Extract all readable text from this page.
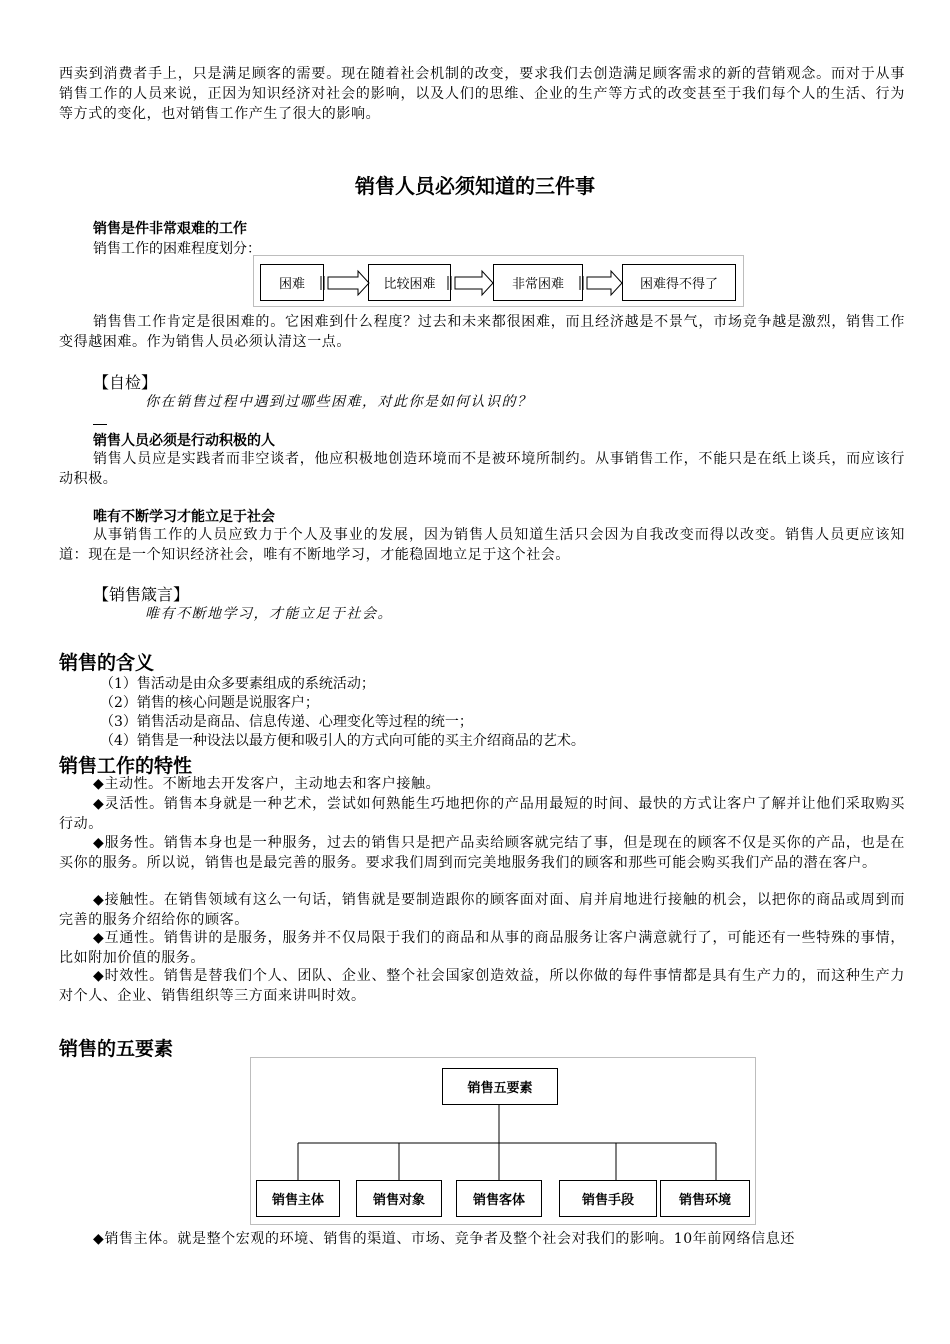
西卖到消费者手上，只是满足顾客的需要。现在随着社会机制的改变，要求我们去创造满足顾客需求的新的营销观念。而对于从事销售工作的人员来说，正因为知识经济对社会的影响，以及人们的思维、企业的生产等方式的改变甚至于我们每个人的生活、行为等方式的变化，也对销售工作产生了很大的影响。

销售人员必须知道的三件事
销售是件非常艰难的工作
销售工作的困难程度划分：
困难	比较困难	非常困难	困难得不得了

销售售工作肯定是很困难的。它困难到什么程度？过去和未来都很困难，而且经济越是不景气，市场竞争越是激烈，销售工作变得越困难。作为销售人员必须认清这一点。

【自检】
你在销售过程中遇到过哪些困难，对此你是如何认识的？
销售人员必须是行动积极的人

销售人员应是实践者而非空谈者，他应积极地创造环境而不是被环境所制约。从事销售工作，不能只是在纸上谈兵，而应该行动积极。

唯有不断学习才能立足于社会

从事销售工作的人员应致力于个人及事业的发展，因为销售人员知道生活只会因为自我改变而得以改变。销售人员更应该知道：现在是一个知识经济社会，唯有不断地学习，才能稳固地立足于这个社会。

【销售箴言】
唯有不断地学习，才能立足于社会。
销售的含义
（1）售活动是由众多要素组成的系统活动；
（2）销售的核心问题是说服客户；
（3）销售活动是商品、信息传递、心理变化等过程的统一；
（4）销售是一种设法以最方便和吸引人的方式向可能的买主介绍商品的艺术。
销售工作的特性

◆主动性。不断地去开发客户，主动地去和客户接触。

◆灵活性。销售本身就是一种艺术，尝试如何熟能生巧地把你的产品用最短的时间、最快的方式让客户了解并让他们采取购买行动。

◆服务性。销售本身也是一种服务，过去的销售只是把产品卖给顾客就完结了事，但是现在的顾客不仅是买你的产品，也是在买你的服务。所以说，销售也是最完善的服务。要求我们周到而完美地服务我们的顾客和那些可能会购买我们产品的潜在客户。

◆接触性。在销售领域有这么一句话，销售就是要制造跟你的顾客面对面、肩并肩地进行接触的机会，以把你的商品或周到而完善的服务介绍给你的顾客。

◆互通性。销售讲的是服务，服务并不仅局限于我们的商品和从事的商品服务让客户满意就行了，可能还有一些特殊的事情，比如附加价值的服务。

◆时效性。销售是替我们个人、团队、企业、整个社会国家创造效益，所以你做的每件事情都是具有生产力的，而这种生产力对个人、企业、销售组织等三方面来讲叫时效。

销售的五要素
销售五要素
销售主体	销售对象	销售客体	销售手段	销售环境

◆销售主体。就是整个宏观的环境、销售的渠道、市场、竞争者及整个社会对我们的影响。10年前网络信息还
